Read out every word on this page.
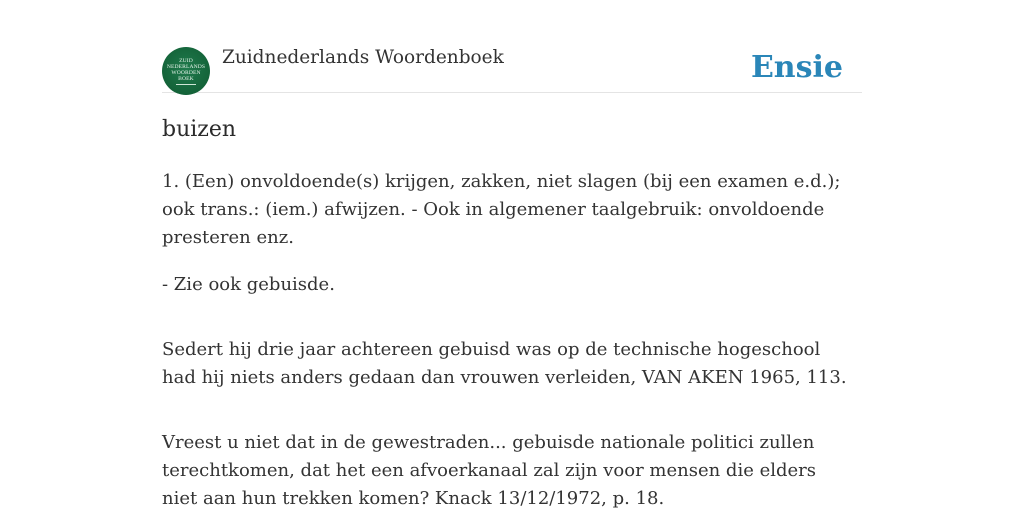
ZUID
NEDERLANDS
WOORDEN
BOEK
Zuidnederlands Woordenboek	Ensie
buizen

1. (Een) onvoldoende(s) krijgen, zakken, niet slagen (bij een examen e.d.); ook trans.: (iem.) afwijzen. - Ook in algemener taalgebruik: onvoldoende presteren enz.

- Zie ook gebuisde.

Sedert hij drie jaar achtereen gebuisd was op de technische hogeschool had hij niets anders gedaan dan vrouwen verleiden, VAN AKEN 1965, 113.

Vreest u niet dat in de gewestraden... gebuisde nationale politici zullen terechtkomen, dat het een afvoerkanaal zal zijn voor mensen die elders niet aan hun trekken komen? Knack 13/12/1972, p. 18.
